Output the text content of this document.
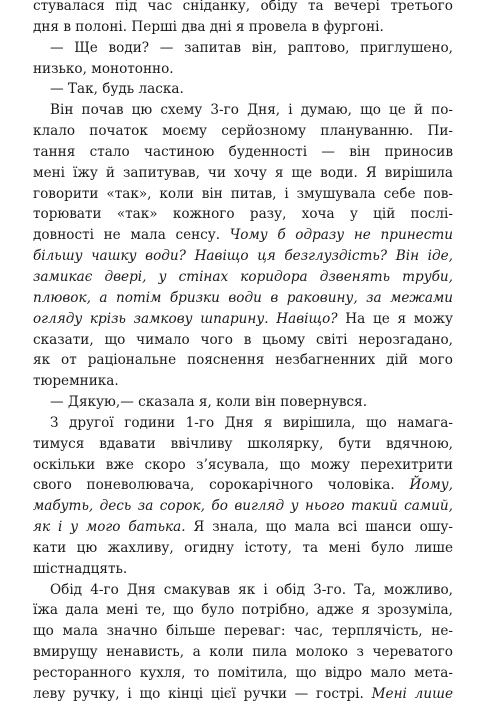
стувалася під час сніданку, обіду та вечері третього
дня в полоні. Перші два дні я провела в фургоні.
— Ще води? — запитав він, раптово, приглушено,
низько, монотонно.
— Так, будь ласка.
Він почав цю схему 3-го Дня, і думаю, що це й по-
клало початок моєму серйозному плануванню. Пи-
тання стало частиною буденності — він приносив
мені їжу й запитував, чи хочу я ще води. Я вирішила
говорити «так», коли він питав, і змушувала себе пов-
торювати «так» кожного разу, хоча у цій послі-
довності не мала сенсу. Чому б одразу не принести
більшу чашку води? Навіщо ця безглуздість? Він іде,
замикає двері, у стінах коридора дзвенять труби,
плювок, а потім бризки води в раковину, за межами
огляду крізь замкову шпарину. Навіщо? На це я можу
сказати, що чимало чого в цьому світі нерозгадано,
як от раціональне пояснення незбагненних дій мого
тюремника.
— Дякую,— сказала я, коли він повернувся.
З другої години 1-го Дня я вирішила, що намага-
тимуся вдавати ввічливу школярку, бути вдячною,
оскільки вже скоро з’ясувала, що можу перехитрити
свого поневолювача, сорокарічного чоловіка. Йому,
мабуть, десь за сорок, бо вигляд у нього такий самий,
як і у мого батька. Я знала, що мала всі шанси ошу-
кати цю жахливу, огидну істоту, та мені було лише
шістнадцять.
Обід 4-го Дня смакував як і обід 3-го. Та, можливо,
їжа дала мені те, що було потрібно, адже я зрозуміла,
що мала значно більше переваг: час, терплячість, не-
вмирущу ненависть, а коли пила молоко з череватого
ресторанного кухля, то помітила, що відро мало мета-
леву ручку, і що кінці цієї ручки — гострі. Мені лише
